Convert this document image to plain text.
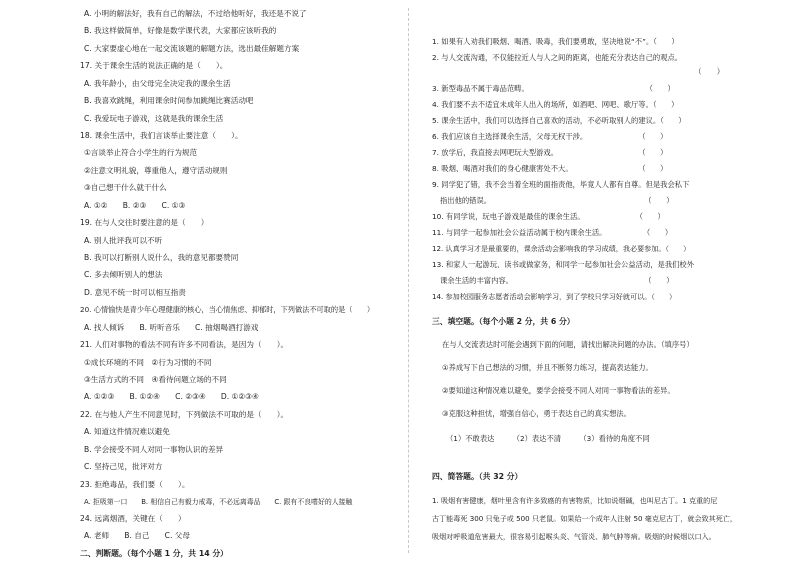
A. 小明的解法好，我有自己的解法，不过给他听好，我还是不说了
B. 我这样做简单，好像是数学课代表，大家都应该听我的
C. 大家要虚心地在一起交流该题的解题方法，选出最佳解题方案
17. 关于课余生活的说法正确的是（　　）。
A. 我年龄小，由父母完全决定我的课余生活
B. 我喜欢跳绳，利用课余时间参加跳绳比赛活动吧
C. 我爱玩电子游戏，这就是我的课余生活
18. 课余生活中，我们言谈举止要注意（　　）。
①言谈举止符合小学生的行为规范
②注意文明礼貌，尊重他人，遵守活动规则
③自己想干什么就干什么
A. ①②　　B. ②③　　C. ①③
19. 在与人交往时要注意的是（　　）
A. 别人批评我可以不听
B. 我可以打断别人说什么，我的意见都要赞同
C. 多去倾听别人的想法
D. 意见不统一时可以相互指责
20. 心情愉快是青少年心理健康的核心，当心情焦虑、抑郁时，下列做法不可取的是（　　）
A. 找人倾诉　　B. 听听音乐　　C. 抽烟喝酒打游戏
21. 人们对事物的看法不同有许多不同看法，是因为（　　）。
①成长环境的不同　②行为习惯的不同
③生活方式的不同　④看待问题立场的不同
A. ①②③　　B. ①②④　　C. ②③④　　D. ①②③④
22. 在与他人产生不同意见时，下列做法不可取的是（　　）。
A. 知道这件情况难以避免
B. 学会接受不同人对同一事物认识的差异
C. 坚持己见，批评对方
23. 拒绝毒品，我们要（　　）。
A. 拒吸第一口　　B. 相信自己有毅力戒毒，不必远离毒品　　C. 跟有不良嗜好的人接触
24. 远离烟酒，关键在（　　）
A. 老师　　B. 自己　　C. 父母
二、判断题。（每个小题 1 分，共 14 分）
1. 如果有人劝我们吸烟、喝酒、吸毒，我们要勇敢，坚决地说“不”。（　　）
2. 与人交流沟通，不仅能拉近人与人之间的距离，也能充分表达自己的观点。
（　　）
3. 新型毒品不属于毒品范畴。　　　　　　　　　　　　　　　　　（　　）
4. 我们要不去不适宜未成年人出入的场所，如酒吧、网吧、歌厅等。（　　）
5. 课余生活中，我们可以选择自己喜欢的活动，不必听取别人的建议。（　　）
6. 我们应该自主选择课余生活，父母无权干涉。　　　　　　　　（　　）
7. 放学后，我直接去网吧玩大型游戏。　　　　　　　　　　　　（　　）
8. 吸烟、喝酒对我们的身心健康害处不大。　　　　　　　　　　（　　）
9. 同学犯了错，我不会当着全班的面指责他，毕竟人人都有自尊。但是我会私下
指出他的错误。　　　　　　　　　　　　　　　　　　　　　　（　　）
10. 有同学说，玩电子游戏是最佳的课余生活。　　　　　　　　（　　）
11. 与同学一起参加社会公益活动属于校内课余生活。　　　　　　（　　）
12. 认真学习才是最重要的，课余活动会影响我的学习成绩，我必要参加。（　　）
13. 和家人一起游玩、读书或做家务，和同学一起参加社会公益活动，是我们校外
课余生活的丰富内容。　　　　　　　　　　　　　　　　　　　（　　）
14. 参加校园服务志愿者活动会影响学习，到了学校只学习好就可以。（　　）
三、填空题。（每个小题 2 分，共 6 分）
在与人交流表达时可能会遇到下面的问题，请找出解决问题的办法。（填序号）
①养成写下自己想法的习惯，并且不断努力练习，提高表达能力。
②要知道这种情况难以避免，要学会接受不同人对同一事物看法的差异。
③克服这种担忧，增强自信心，勇于表达自己的真实想法。
（1）不敢表达　　　（2）表达不清　　　（3）看待的角度不同
四、简答题。（共 32 分）
1. 吸烟有害健康，烟叶里含有许多致癌的有害物质，比如说烟碱，也叫尼古丁。1 克重的尼
古丁能毒死 300 只兔子或 500 只老鼠。如果给一个成年人注射 50 毫克尼古丁，就会致其死亡，
吸烟对呼吸道危害最大，很容易引起喉头炎、气管炎、肺气肿等病。吸烟的时候烟以口入。
